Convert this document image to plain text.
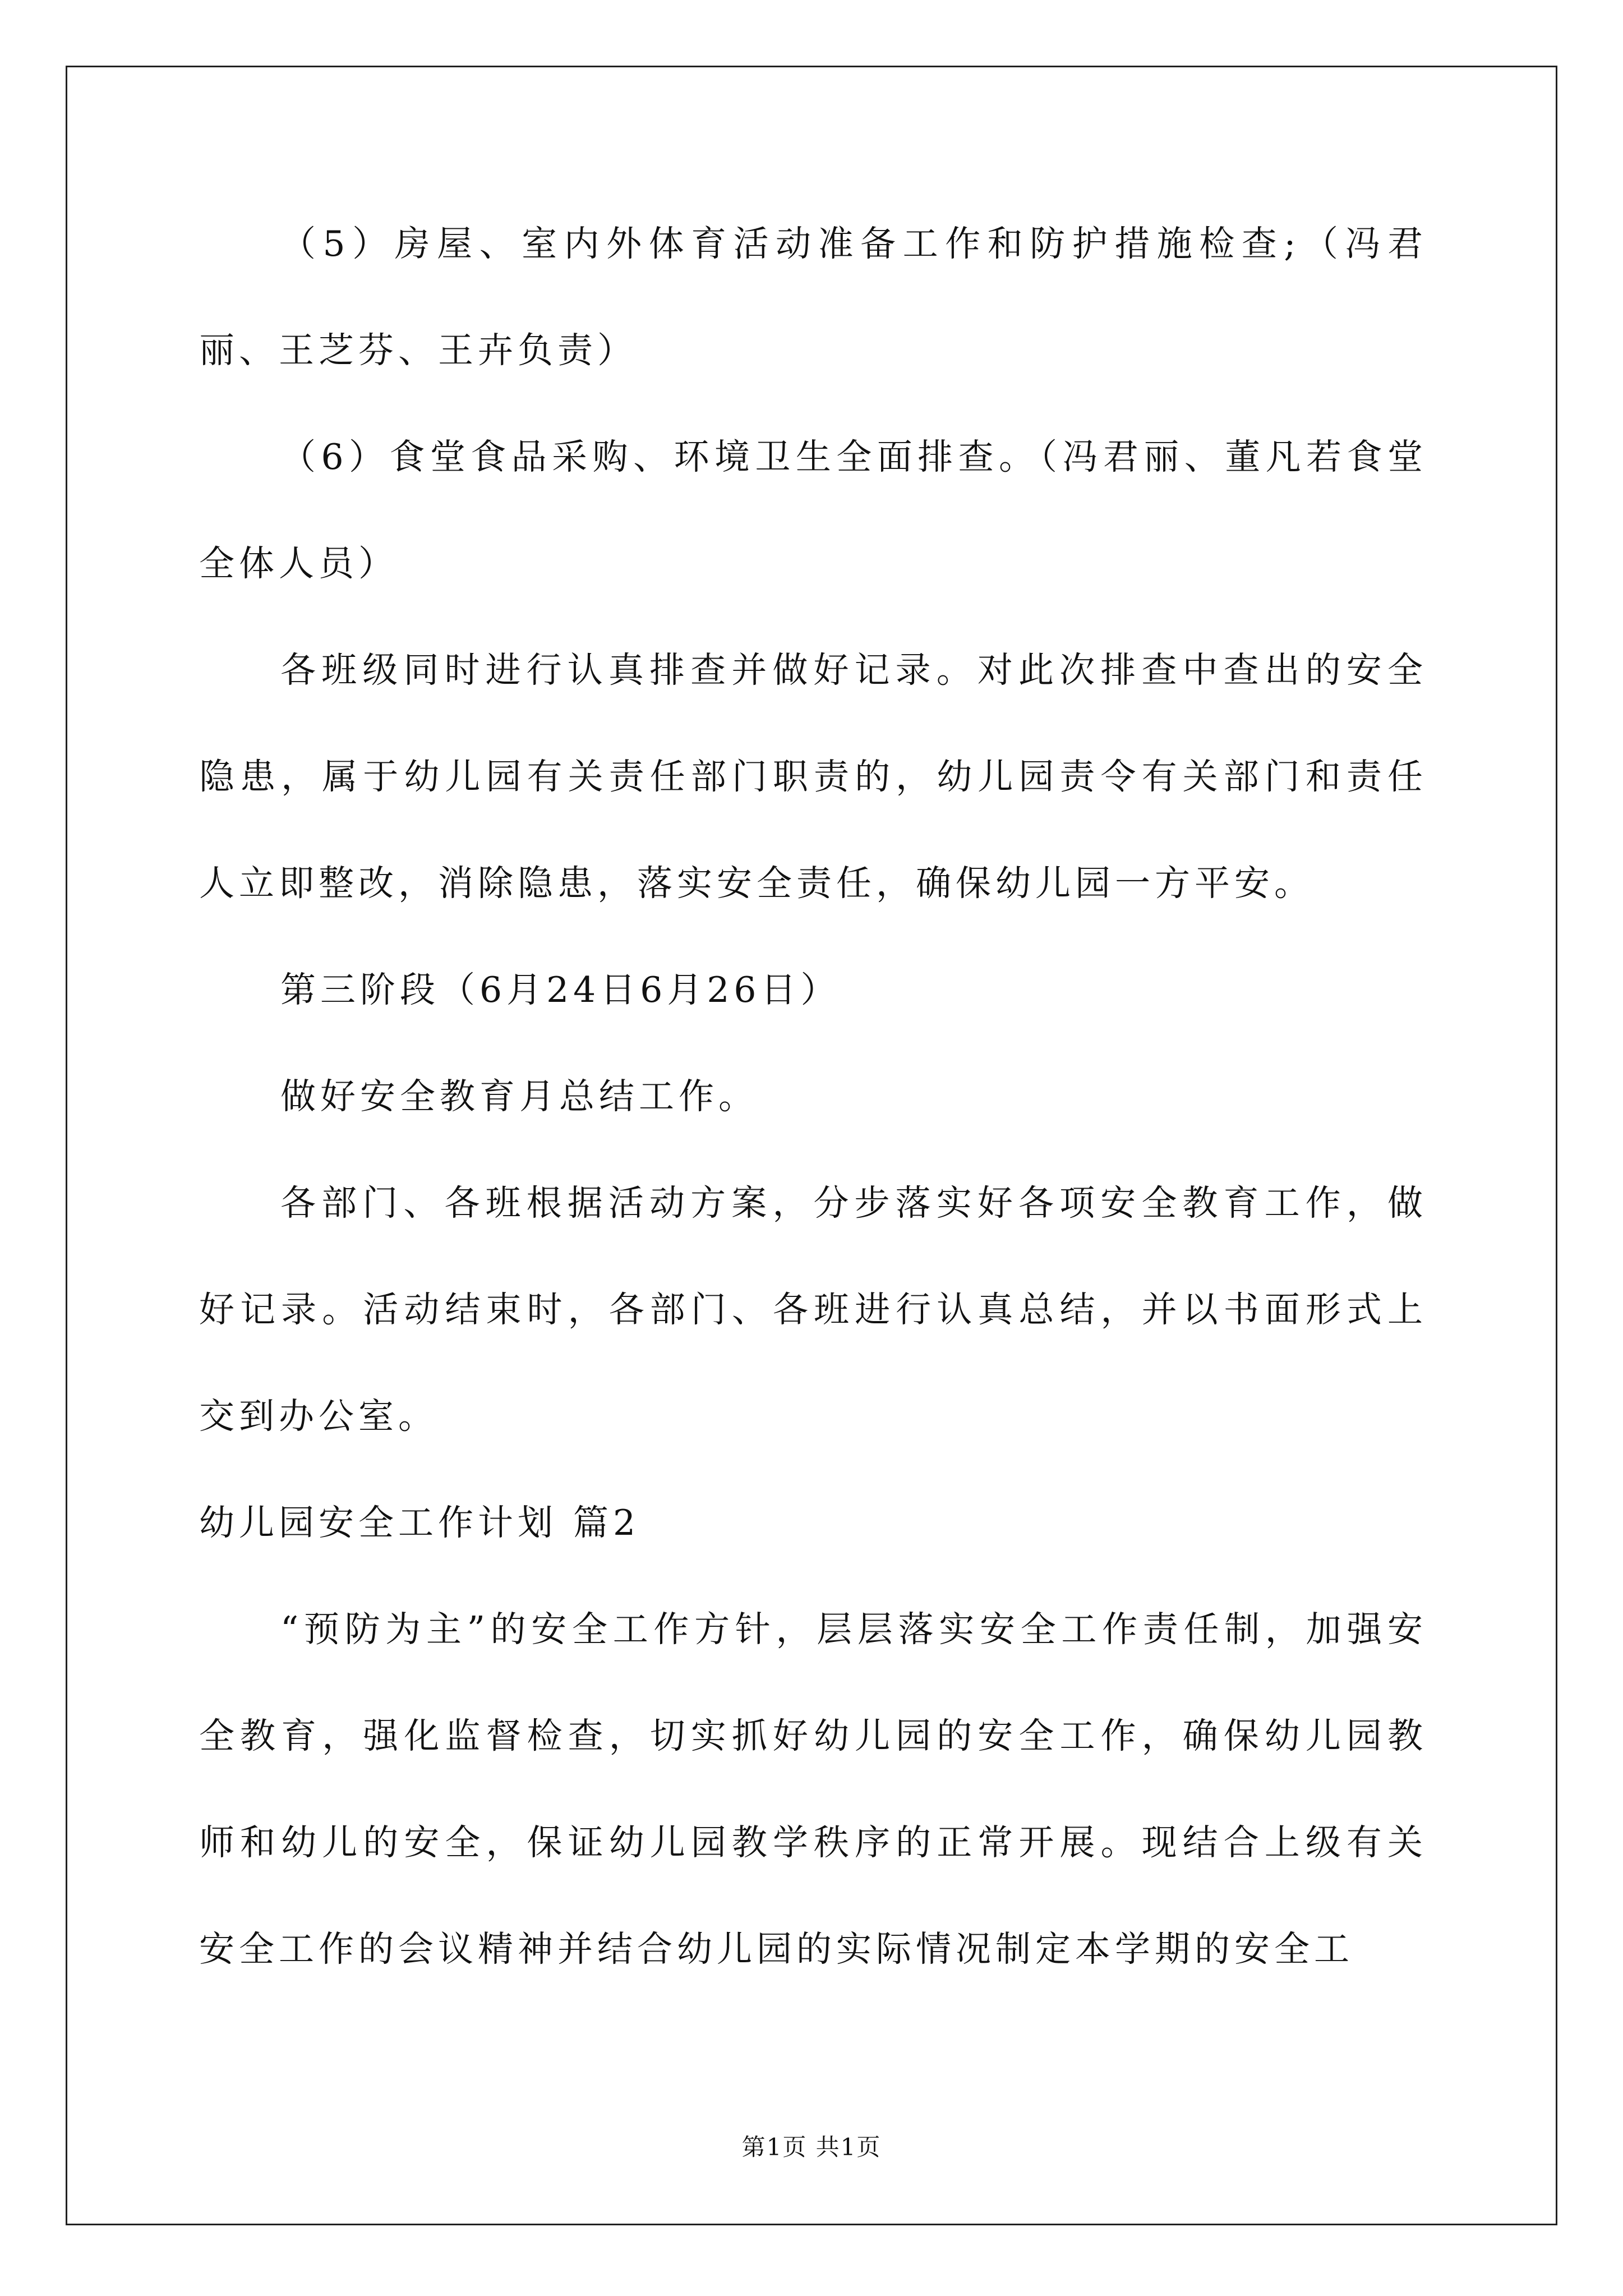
（5）房屋、室内外体育活动准备工作和防护措施检查;（冯君丽、王芝芬、王卉负责）

（6）食堂食品采购、环境卫生全面排查。（冯君丽、董凡若食堂全体人员）

各班级同时进行认真排查并做好记录。对此次排查中查出的安全隐患，属于幼儿园有关责任部门职责的，幼儿园责令有关部门和责任人立即整改，消除隐患，落实安全责任，确保幼儿园一方平安。

第三阶段（6月24日6月26日）

做好安全教育月总结工作。

各部门、各班根据活动方案，分步落实好各项安全教育工作，做好记录。活动结束时，各部门、各班进行认真总结，并以书面形式上交到办公室。

幼儿园安全工作计划 篇2

“预防为主”的安全工作方针，层层落实安全工作责任制，加强安全教育，强化监督检查，切实抓好幼儿园的安全工作，确保幼儿园教师和幼儿的安全，保证幼儿园教学秩序的正常开展。现结合上级有关安全工作的会议精神并结合幼儿园的实际情况制定本学期的安全工

第1页 共1页
